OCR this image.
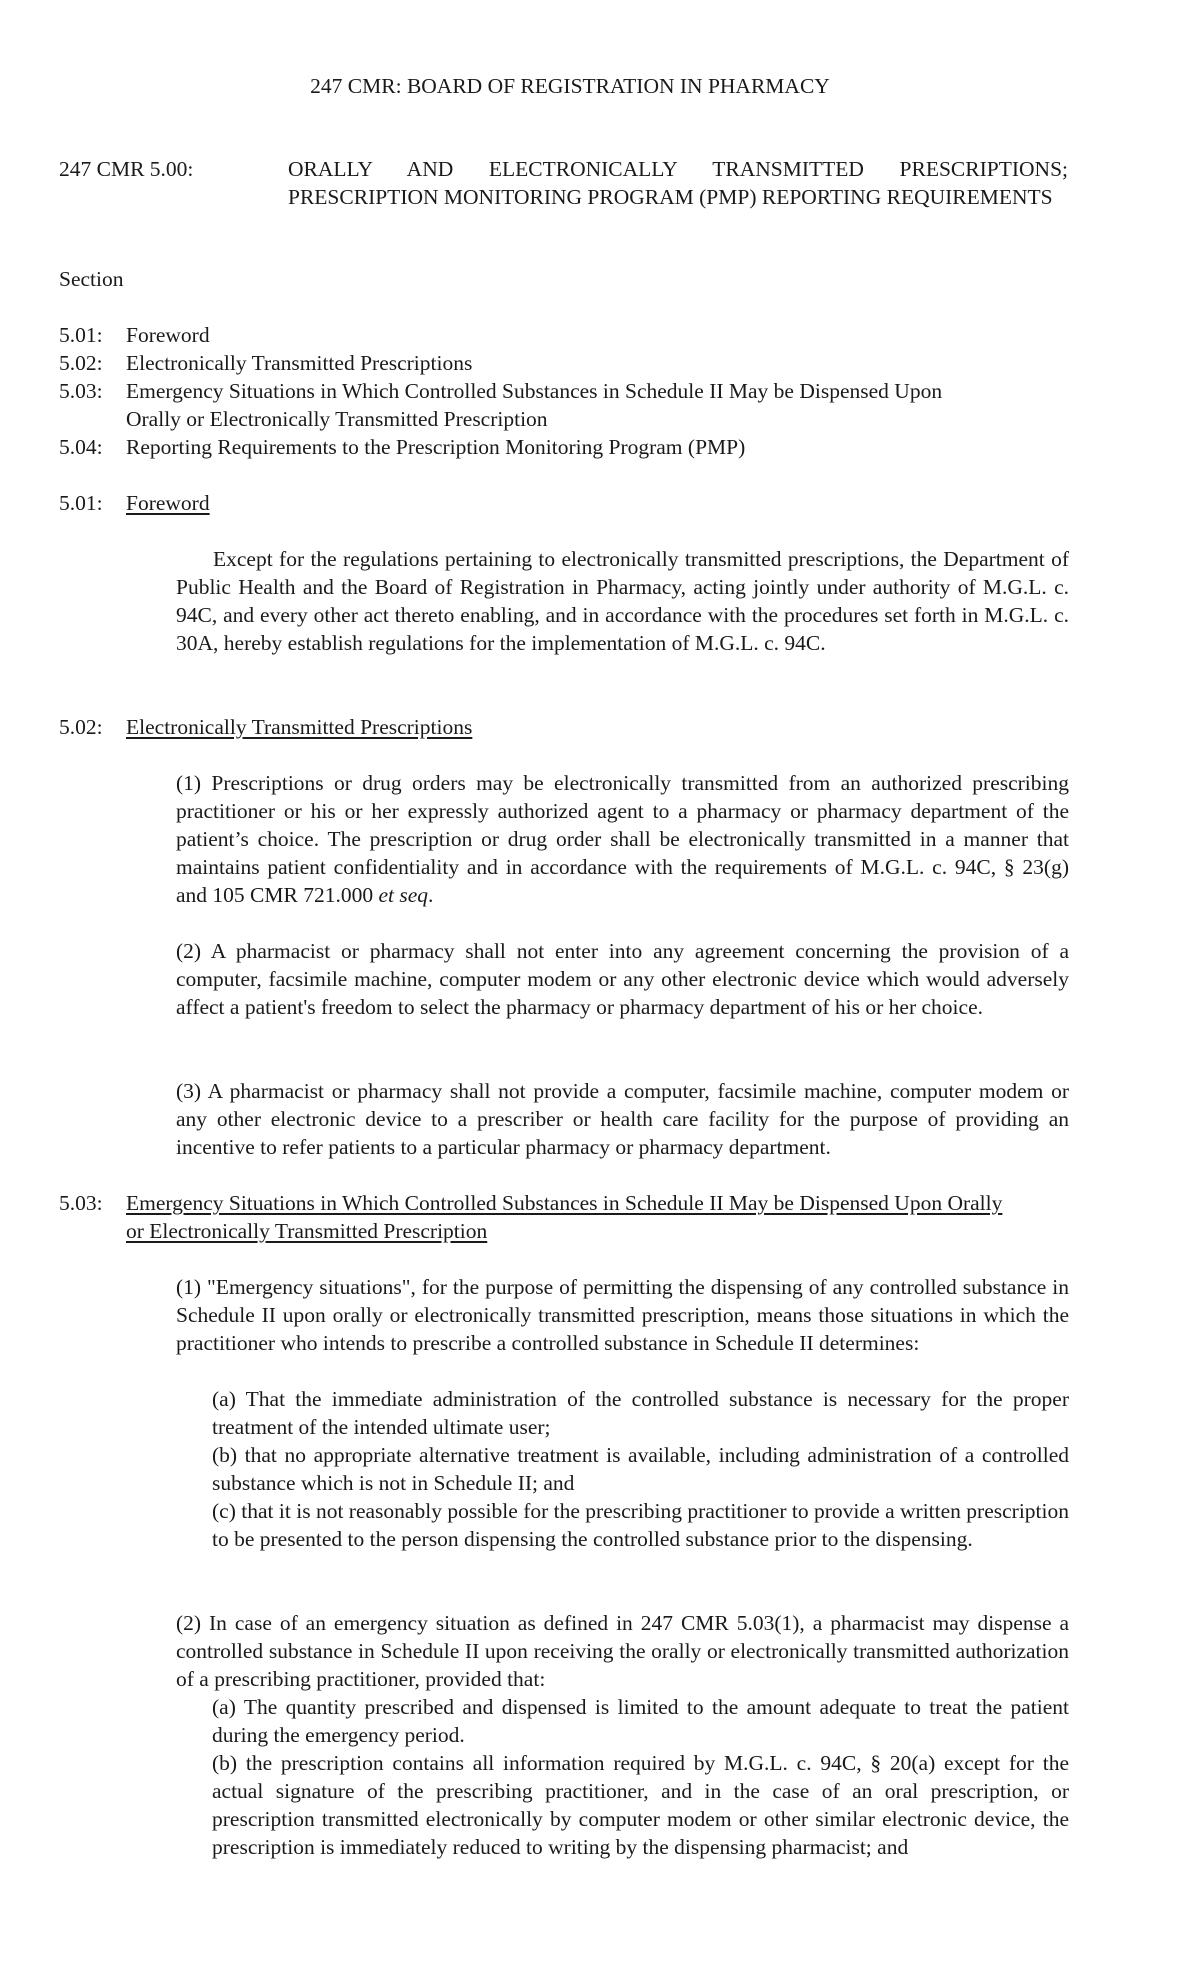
247 CMR: BOARD OF REGISTRATION IN PHARMACY
247 CMR 5.00:	ORALLY AND ELECTRONICALLY TRANSMITTED PRESCRIPTIONS; PRESCRIPTION MONITORING PROGRAM (PMP) REPORTING REQUIREMENTS
Section
5.01: Foreword
5.02: Electronically Transmitted Prescriptions
5.03: Emergency Situations in Which Controlled Substances in Schedule II May be Dispensed Upon
Orally or Electronically Transmitted Prescription
5.04: Reporting Requirements to the Prescription Monitoring Program (PMP)
5.01: Foreword
Except for the regulations pertaining to electronically transmitted prescriptions, the Department of Public Health and the Board of Registration in Pharmacy, acting jointly under authority of M.G.L. c. 94C, and every other act thereto enabling, and in accordance with the procedures set forth in M.G.L. c. 30A, hereby establish regulations for the implementation of M.G.L. c. 94C.
5.02: Electronically Transmitted Prescriptions
(1) Prescriptions or drug orders may be electronically transmitted from an authorized prescribing practitioner or his or her expressly authorized agent to a pharmacy or pharmacy department of the patient’s choice. The prescription or drug order shall be electronically transmitted in a manner that maintains patient confidentiality and in accordance with the requirements of M.G.L. c. 94C, § 23(g) and 105 CMR 721.000 et seq.
(2) A pharmacist or pharmacy shall not enter into any agreement concerning the provision of a computer, facsimile machine, computer modem or any other electronic device which would adversely affect a patient's freedom to select the pharmacy or pharmacy department of his or her choice.
(3) A pharmacist or pharmacy shall not provide a computer, facsimile machine, computer modem or any other electronic device to a prescriber or health care facility for the purpose of providing an incentive to refer patients to a particular pharmacy or pharmacy department.
5.03: Emergency Situations in Which Controlled Substances in Schedule II May be Dispensed Upon Orally
or Electronically Transmitted Prescription
(1) "Emergency situations", for the purpose of permitting the dispensing of any controlled substance in Schedule II upon orally or electronically transmitted prescription, means those situations in which the practitioner who intends to prescribe a controlled substance in Schedule II determines:
(a) That the immediate administration of the controlled substance is necessary for the proper treatment of the intended ultimate user;
(b) that no appropriate alternative treatment is available, including administration of a controlled substance which is not in Schedule II; and
(c) that it is not reasonably possible for the prescribing practitioner to provide a written prescription to be presented to the person dispensing the controlled substance prior to the dispensing.
(2) In case of an emergency situation as defined in 247 CMR 5.03(1), a pharmacist may dispense a controlled substance in Schedule II upon receiving the orally or electronically transmitted authorization of a prescribing practitioner, provided that:
(a) The quantity prescribed and dispensed is limited to the amount adequate to treat the patient during the emergency period.
(b) the prescription contains all information required by M.G.L. c. 94C, § 20(a) except for the actual signature of the prescribing practitioner, and in the case of an oral prescription, or prescription transmitted electronically by computer modem or other similar electronic device, the prescription is immediately reduced to writing by the dispensing pharmacist; and
